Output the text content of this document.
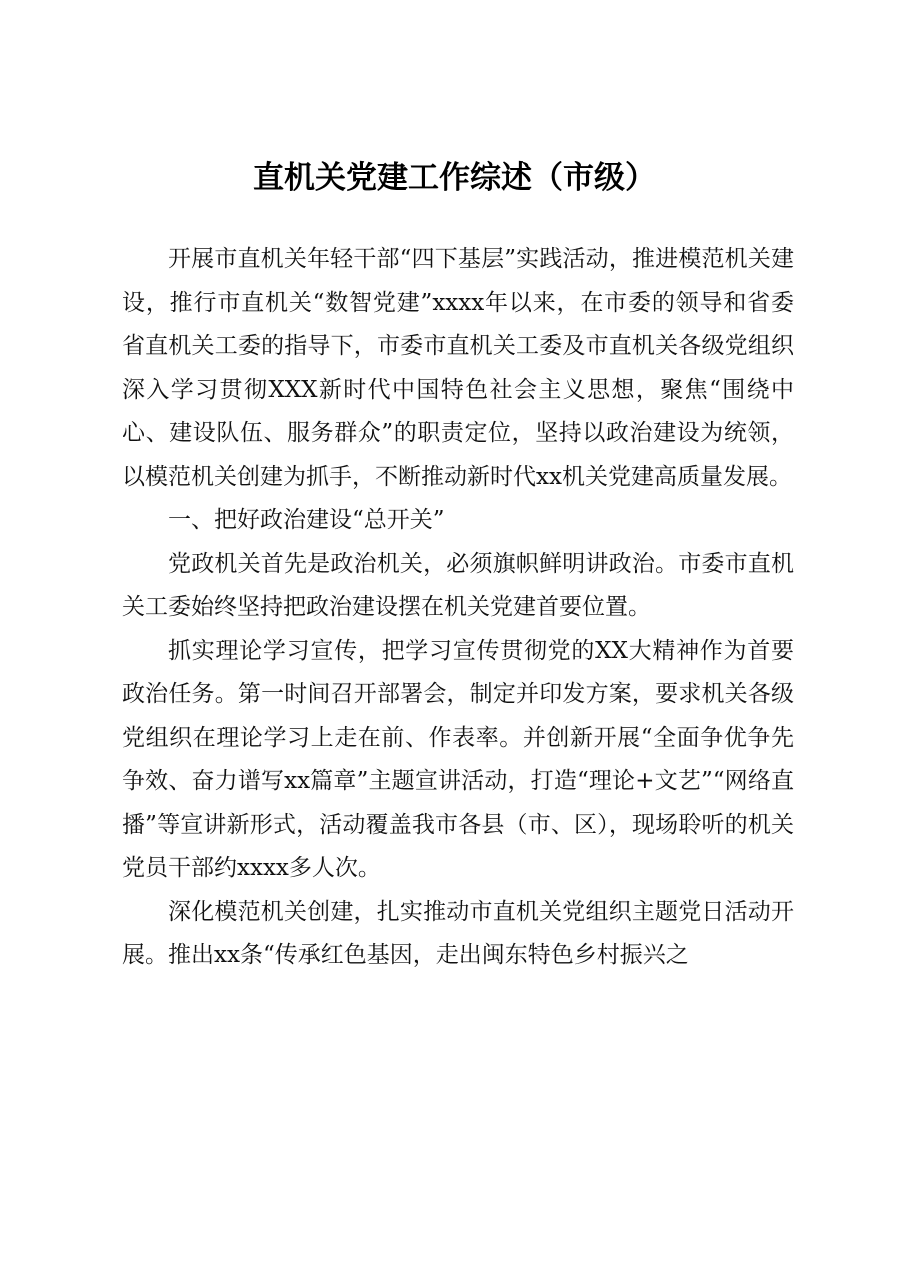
直机关党建工作综述（市级）

开展市直机关年轻干部“四下基层”实践活动，推进模范机关建设，推行市直机关“数智党建”xxxx年以来，在市委的领导和省委省直机关工委的指导下，市委市直机关工委及市直机关各级党组织深入学习贯彻XXX新时代中国特色社会主义思想，聚焦“围绕中心、建设队伍、服务群众”的职责定位，坚持以政治建设为统领，以模范机关创建为抓手，不断推动新时代xx机关党建高质量发展。

一、把好政治建设“总开关”

党政机关首先是政治机关，必须旗帜鲜明讲政治。市委市直机关工委始终坚持把政治建设摆在机关党建首要位置。

抓实理论学习宣传，把学习宣传贯彻党的XX大精神作为首要政治任务。第一时间召开部署会，制定并印发方案，要求机关各级党组织在理论学习上走在前、作表率。并创新开展“全面争优争先争效、奋力谱写xx篇章”主题宣讲活动，打造“理论+文艺”“网络直播”等宣讲新形式，活动覆盖我市各县（市、区），现场聆听的机关党员干部约xxxx多人次。

深化模范机关创建，扎实推动市直机关党组织主题党日活动开展。推出xx条“传承红色基因，走出闽东特色乡村振兴之
